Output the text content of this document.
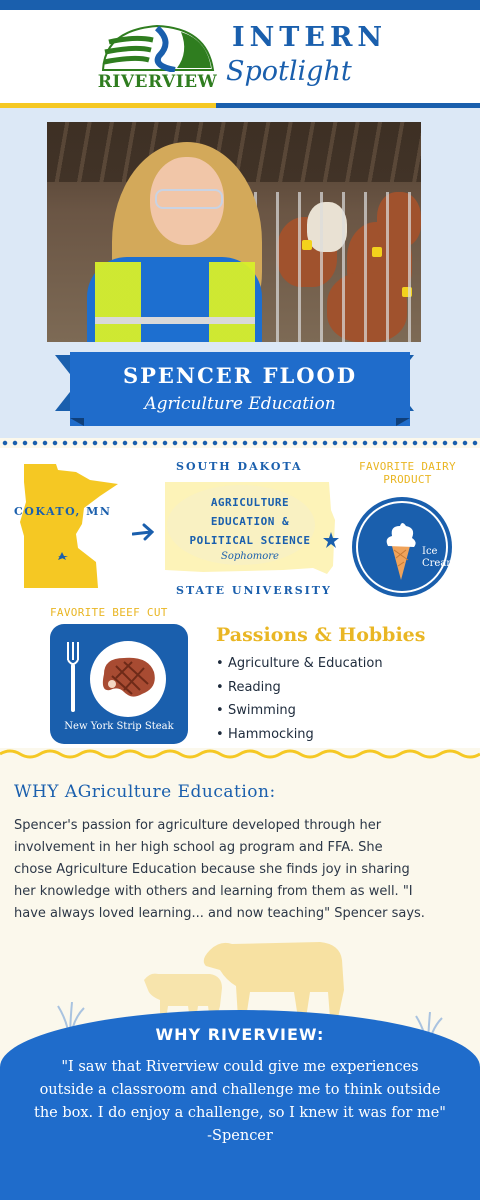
RIVERVIEW
INTERN
Spotlight
SPENCER FLOOD
Agriculture Education
COKATO, MN
SOUTH DAKOTA
AGRICULTURE
EDUCATION &
POLITICAL SCIENCE
Sophomore
STATE UNIVERSITY
FAVORITE DAIRY
PRODUCT
Ice
Cream
FAVORITE BEEF CUT
New York Strip Steak
Passions & Hobbies
• Agriculture & Education
• Reading
• Swimming
• Hammocking
WHY AGriculture Education:
Spencer's passion for agriculture developed through her
involvement in her high school ag program and FFA. She
chose Agriculture Education because she finds joy in sharing
her knowledge with others and learning from them as well. "I
have always loved learning... and now teaching" Spencer says.
WHY RIVERVIEW:
"I saw that Riverview could give me experiences
outside a classroom and challenge me to think outside
the box. I do enjoy a challenge, so I knew it was for me"
-Spencer
